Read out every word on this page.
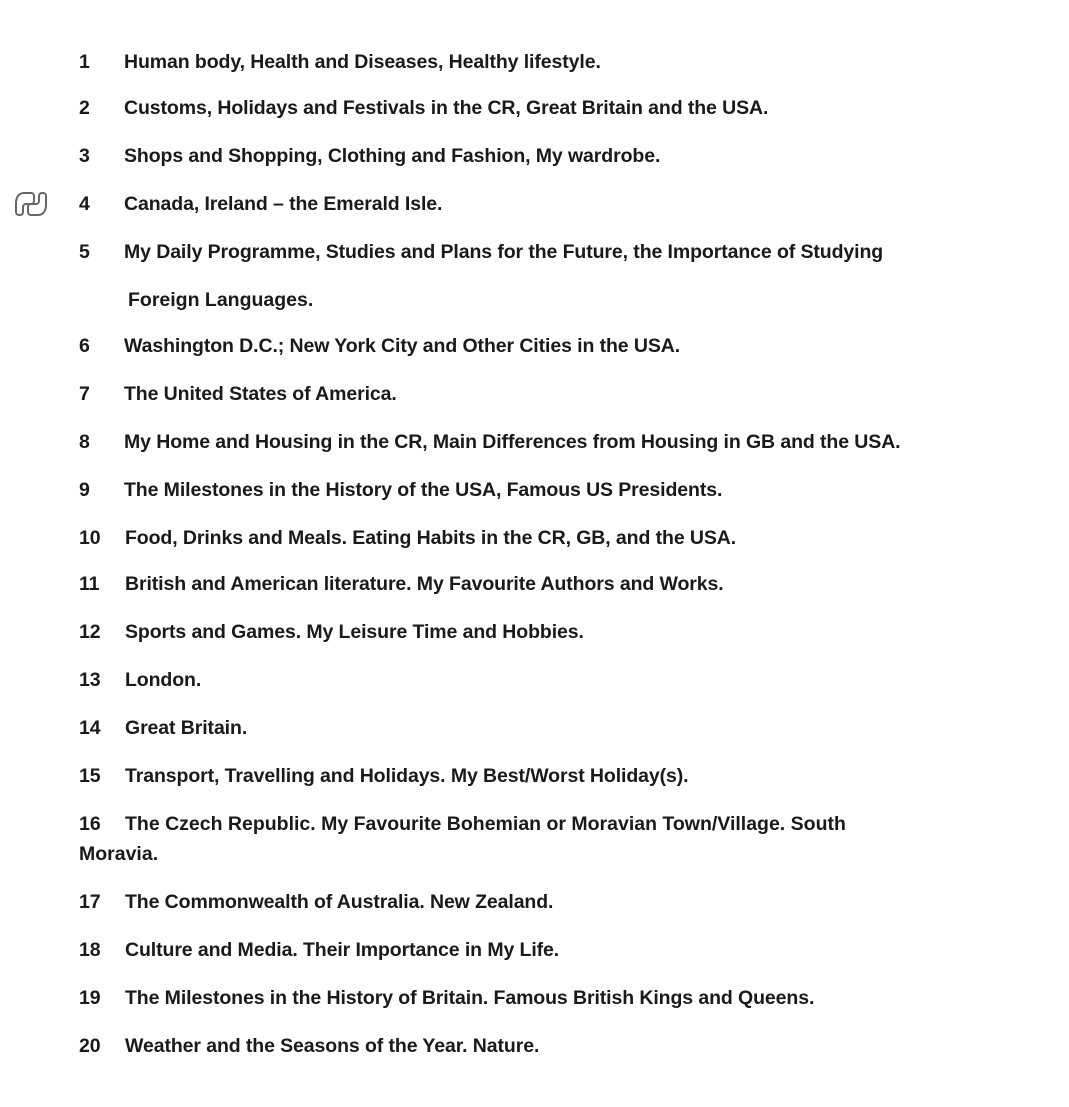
1 Human body, Health and Diseases, Healthy lifestyle.
2 Customs, Holidays and Festivals in the CR, Great Britain and the USA.
3 Shops and Shopping, Clothing and Fashion, My wardrobe.
4 Canada, Ireland – the Emerald Isle.
5 My Daily Programme, Studies and Plans for the Future, the Importance of Studying
Foreign Languages.
6 Washington D.C.; New York City and Other Cities in the USA.
7 The United States of America.
8 My Home and Housing in the CR, Main Differences from Housing in GB and the USA.
9 The Milestones in the History of the USA, Famous US Presidents.
10 Food, Drinks and Meals. Eating Habits in the CR, GB, and the USA.
11 British and American literature. My Favourite Authors and Works.
12 Sports and Games. My Leisure Time and Hobbies.
13 London.
14 Great Britain.
15 Transport, Travelling and Holidays. My Best/Worst Holiday(s).
16 The Czech Republic. My Favourite Bohemian or Moravian Town/Village. South
Moravia.
17 The Commonwealth of Australia. New Zealand.
18 Culture and Media. Their Importance in My Life.
19 The Milestones in the History of Britain. Famous British Kings and Queens.
20 Weather and the Seasons of the Year. Nature.
